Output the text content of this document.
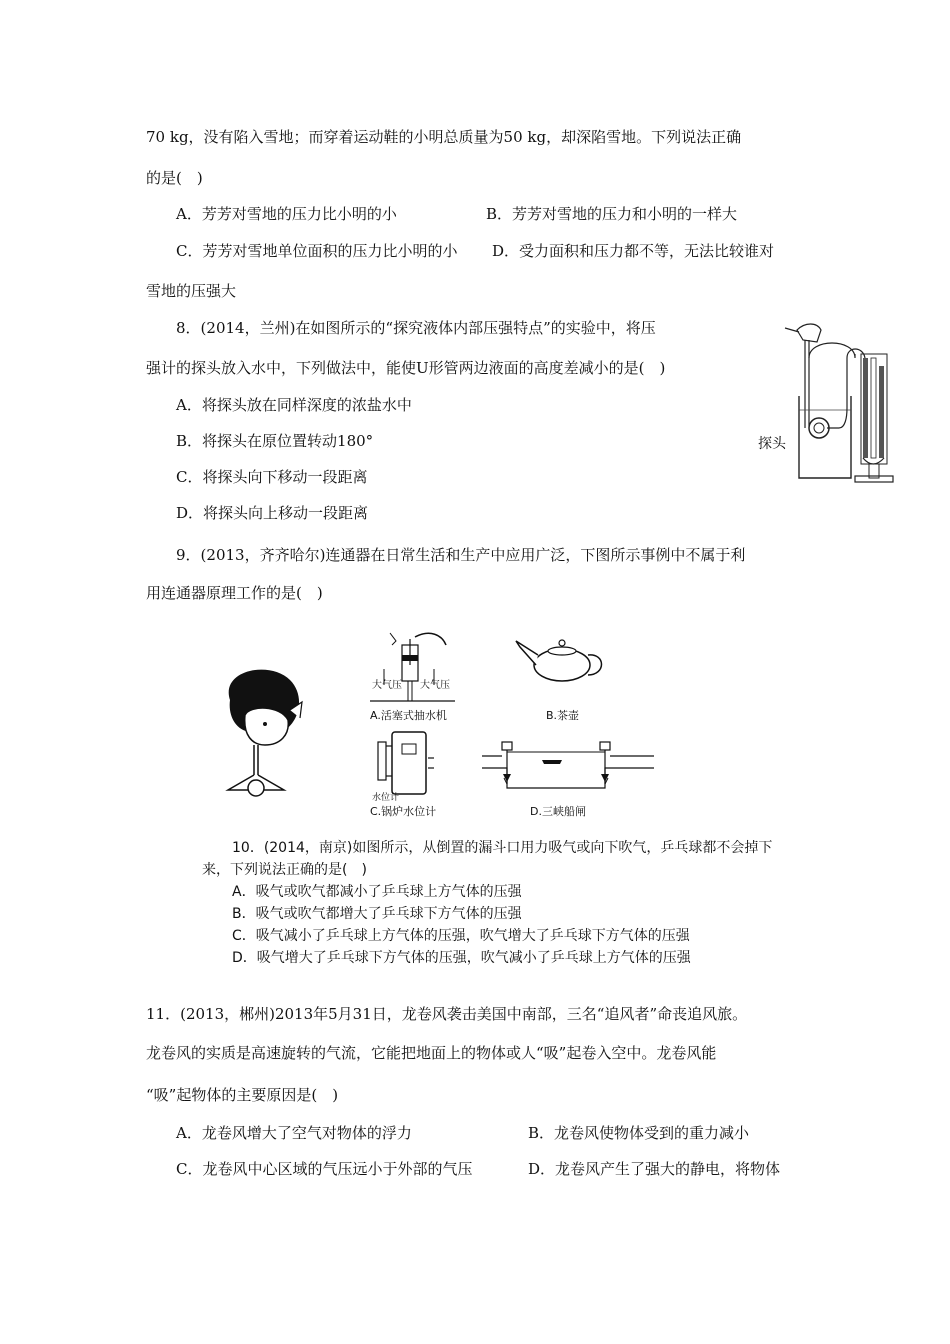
70 kg，没有陷入雪地；而穿着运动鞋的小明总质量为50 kg，却深陷雪地。下列说法正确
的是(　)
A．芳芳对雪地的压力比小明的小	B．芳芳对雪地的压力和小明的一样大
C．芳芳对雪地单位面积的压力比小明的小 D．受力面积和压力都不等，无法比较谁对
雪地的压强大
8．(2014，兰州)在如图所示的“探究液体内部压强特点”的实验中，将压
强计的探头放入水中，下列做法中，能使U形管两边液面的高度差减小的是(　)
A．将探头放在同样深度的浓盐水中
B．将探头在原位置转动180°
C．将探头向下移动一段距离
D．将探头向上移动一段距离
探头
9．(2013，齐齐哈尔)连通器在日常生活和生产中应用广泛，下图所示事例中不属于利
用连通器原理工作的是(　)
大气压 大气压
A.活塞式抽水机	B.茶壶
水位计
C.锅炉水位计	D.三峡船闸
10．(2014，南京)如图所示，从倒置的漏斗口用力吸气或向下吹气，乒乓球都不会掉下
来，下列说法正确的是(　)
A．吸气或吹气都减小了乒乓球上方气体的压强
B．吸气或吹气都增大了乒乓球下方气体的压强
C．吸气减小了乒乓球上方气体的压强，吹气增大了乒乓球下方气体的压强
D．吸气增大了乒乓球下方气体的压强，吹气减小了乒乓球上方气体的压强
11．(2013，郴州)2013年5月31日，龙卷风袭击美国中南部，三名“追风者”命丧追风旅。
龙卷风的实质是高速旋转的气流，它能把地面上的物体或人“吸”起卷入空中。龙卷风能
“吸”起物体的主要原因是(　)
A．龙卷风增大了空气对物体的浮力	B．龙卷风使物体受到的重力减小
C．龙卷风中心区域的气压远小于外部的气压	D．龙卷风产生了强大的静电，将物体
